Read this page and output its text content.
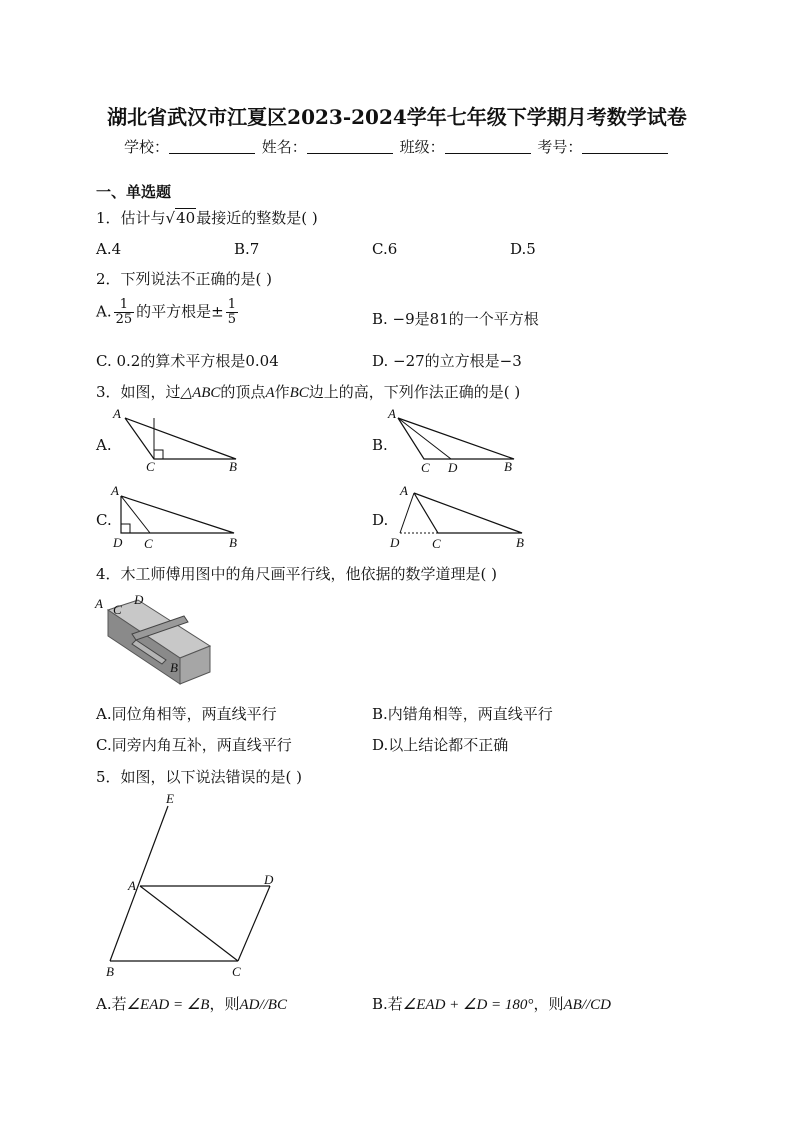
湖北省武汉市江夏区2023-2024学年七年级下学期月考数学试卷
学校：	姓名：	班级：	考号：
一、单选题
1．估计与√40最接近的整数是( )
A.4	B.7	C.6	D.5
2．下列说法不正确的是( )
A. $\frac{1}{25}$ 的平方根是± $\frac{1}{5}$	B. −9是81的一个平方根
C. 0.2的算术平方根是0.04	D. −27的立方根是−3
3．如图，过△ABC的顶点A作BC边上的高，下列作法正确的是( )
A.	B.
C.	D.
A
C	B
A
C D	B
A
D C	B
A
D	C	B
4．木工师傅用图中的角尺画平行线，他依据的数学道理是( )
A C
D
B
A.同位角相等，两直线平行	B.内错角相等，两直线平行
C.同旁内角互补，两直线平行	D.以上结论都不正确
5．如图，以下说法错误的是( )
E
A	D
B	C
A.若∠EAD = ∠B，则AD//BC	B.若∠EAD + ∠D = 180°，则AB//CD
